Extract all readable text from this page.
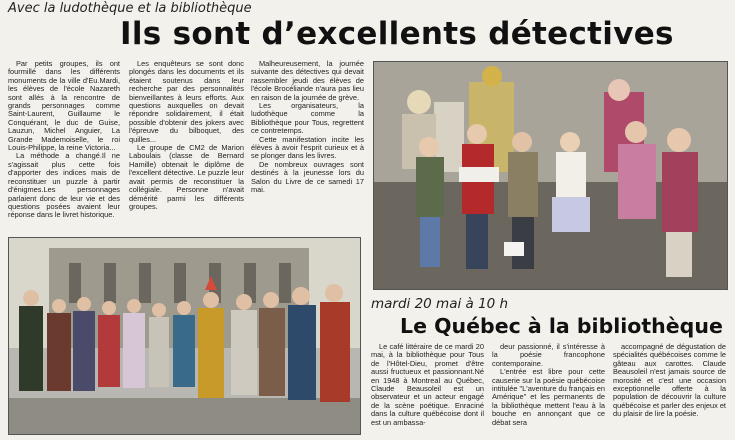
Avec la ludothèque et la bibliothèque
Ils sont d’excellents détectives

Par petits groupes, ils ont fourmillé dans les différents monuments de la ville d'Eu.Mardi, les élèves de l'école Nazareth sont allés à la rencontre de grands personnages comme Saint-Laurent, Guillaume le Conquérant, le duc de Guise, Lauzun, Michel Anguier, La Grande Mademoiselle, le roi Louis-Philippe, la reine Victoria...

La méthode a changé.Il ne s'agissait plus cette fois d'apporter des indices mais de reconstituer un puzzle à partir d'énigmes.Les personnages parlaient donc de leur vie et des questions posées avaient leur réponse dans le livret historique.

Les enquêteurs se sont donc plongés dans les documents et ils étaient soutenus dans leur recherche par des personnalités bienveillantes à leurs efforts. Aux questions auxquelles on devait répondre solidairement, il était possible d'obtenir des jokers avec l'épreuve du bilboquet, des quilles...

Le groupe de CM2 de Marion Laboulais (classe de Bernard Hamille) obtenait le diplôme de l'excellent détective. Le puzzle leur avait permis de reconstituer la collégiale. Personne n'avait démérité parmi les différents groupes.

Malheureusement, la journée suivante des détectives qui devait rassembler jeudi des élèves de l'école Brocéliande n'aura pas lieu en raison de la journée de grève.

Les organisateurs, la ludothèque comme la Bibliothèque pour Tous, regrettent ce contretemps.

Cette manifestation incite les élèves à avoir l'esprit curieux et à se plonger dans les livres.

De nombreux ouvrages sont destinés à la jeunesse lors du Salon du Livre de ce samedi 17 mai.

mardi 20 mai à 10 h
Le Québec à la bibliothèque

Le café littéraire de ce mardi 20 mai, à la bibliothèque pour Tous de l'Hôtel-Dieu, promet d'être aussi fructueux et passionnant.Né en 1948 à Montreal au Québec, Claude Beausoleil est un observateur et un acteur engagé de la scène poétique. Enraciné dans la culture québécoise dont il est un ambassa-

deur passionné, il s'intéresse à la poésie francophone contemporaine.

L'entrée est libre pour cette causerie sur la poésie québécoise intitulée "L'aventure du français en Amérique" et les permanents de la bibliothèque mettent l'eau à la bouche en annonçant que ce débat sera

accompagné de dégustation de spécialités québécoises comme le gâteau aux carottes. Claude Beausoleil n'est jamais source de morosité et c'est une occasion exceptionnelle offerte à la population de découvrir la culture québécoise et parler des enjeux et du plaisir de lire la poésie.
